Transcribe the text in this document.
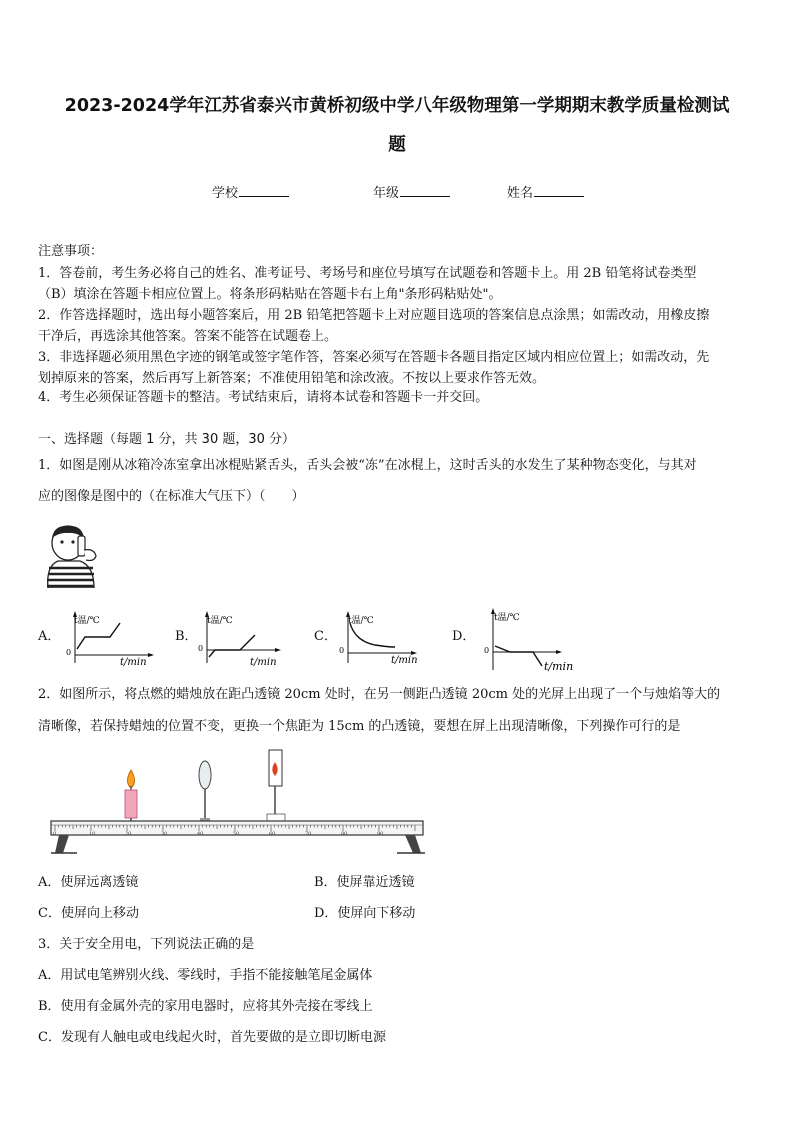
2023-2024学年江苏省泰兴市黄桥初级中学八年级物理第一学期期末教学质量检测试
题
学校	年级	姓名
注意事项：
1．答卷前，考生务必将自己的姓名、准考证号、考场号和座位号填写在试题卷和答题卡上。用 2B 铅笔将试卷类型
（B）填涂在答题卡相应位置上。将条形码粘贴在答题卡右上角"条形码粘贴处"。
2．作答选择题时，选出每小题答案后，用 2B 铅笔把答题卡上对应题目选项的答案信息点涂黑；如需改动，用橡皮擦
干净后，再选涂其他答案。答案不能答在试题卷上。
3．非选择题必须用黑色字迹的钢笔或签字笔作答，答案必须写在答题卡各题目指定区域内相应位置上；如需改动，先
划掉原来的答案，然后再写上新答案；不准使用铅笔和涂改液。不按以上要求作答无效。
4．考生必须保证答题卡的整洁。考试结束后，请将本试卷和答题卡一并交回。
一、选择题（每题 1 分，共 30 题，30 分）
1．如图是刚从冰箱冷冻室拿出冰棍贴紧舌头，舌头会被“冻”在冰棍上，这时舌头的水发生了某种物态变化，与其对
应的图像是图中的（在标准大气压下）（　　）
A．
t温/℃
t/min
0
B．
t温/℃
t/min
0
C．
t温/℃
t/min
0
D．
t温/℃
t/min
0
2．如图所示，将点燃的蜡烛放在距凸透镜 20cm 处时，在另一侧距凸透镜 20cm 处的光屏上出现了一个与烛焰等大的
清晰像，若保持蜡烛的位置不变，更换一个焦距为 15cm 的凸透镜，要想在屏上出现清晰像，下列操作可行的是
0	10	20	30	40	50	60	70	80	90
A．使屏远离透镜	B．使屏靠近透镜
C．使屏向上移动	D．使屏向下移动
3．关于安全用电，下列说法正确的是
A．用试电笔辨别火线、零线时，手指不能接触笔尾金属体
B．使用有金属外壳的家用电器时，应将其外壳接在零线上
C．发现有人触电或电线起火时，首先要做的是立即切断电源
